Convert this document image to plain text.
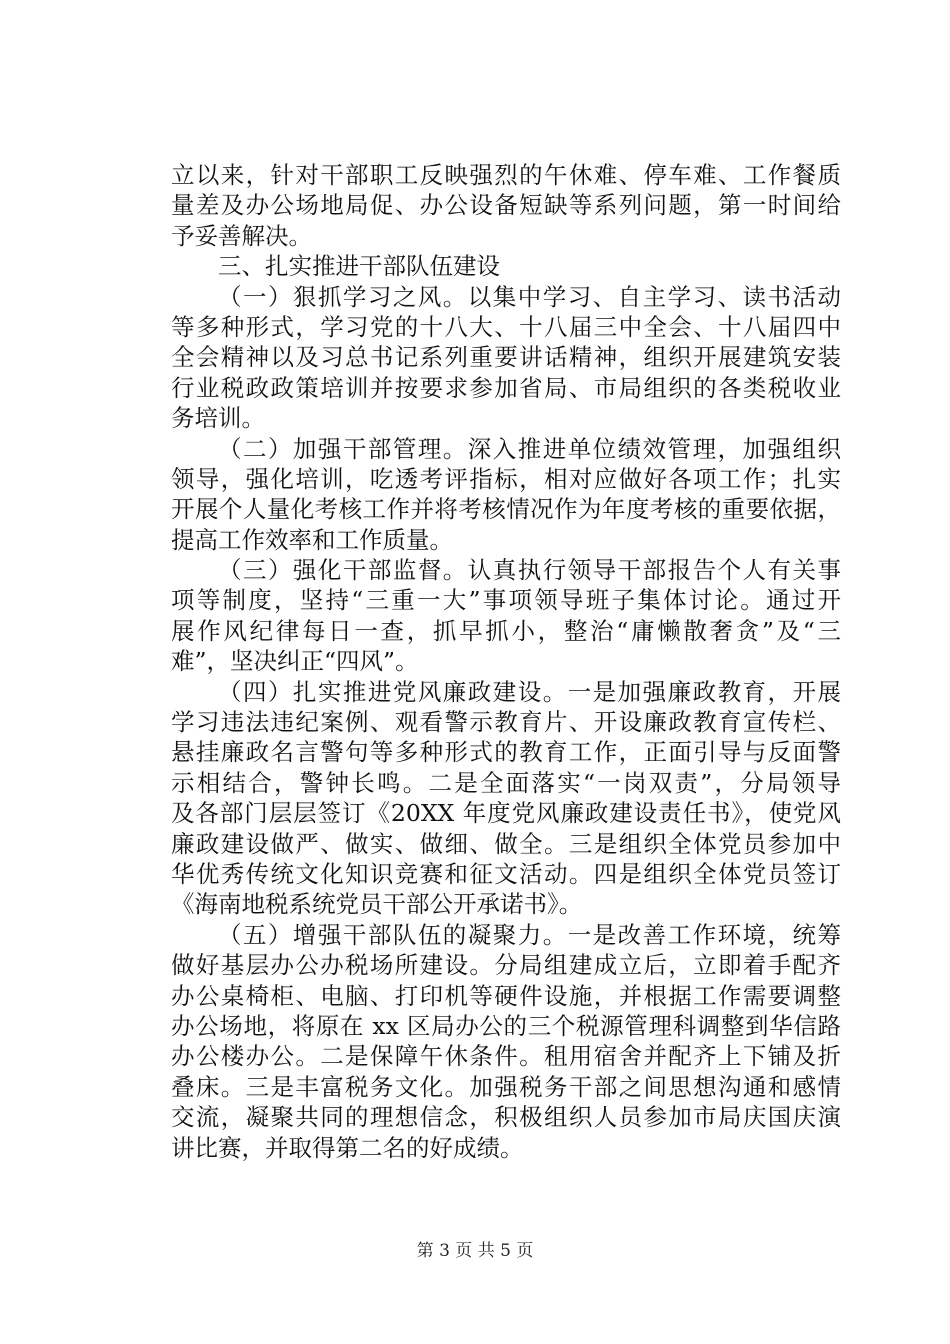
立以来，针对干部职工反映强烈的午休难、停车难、工作餐质
量差及办公场地局促、办公设备短缺等系列问题，第一时间给
予妥善解决。
三、扎实推进干部队伍建设
（一）狠抓学习之风。以集中学习、自主学习、读书活动
等多种形式，学习党的十八大、十八届三中全会、十八届四中
全会精神以及习总书记系列重要讲话精神，组织开展建筑安装
行业税政政策培训并按要求参加省局、市局组织的各类税收业
务培训。
（二）加强干部管理。深入推进单位绩效管理，加强组织
领导，强化培训，吃透考评指标，相对应做好各项工作；扎实
开展个人量化考核工作并将考核情况作为年度考核的重要依据，
提高工作效率和工作质量。
（三）强化干部监督。认真执行领导干部报告个人有关事
项等制度，坚持“三重一大”事项领导班子集体讨论。通过开
展作风纪律每日一查，抓早抓小，整治“庸懒散奢贪”及“三
难”，坚决纠正“四风”。
（四）扎实推进党风廉政建设。一是加强廉政教育，开展
学习违法违纪案例、观看警示教育片、开设廉政教育宣传栏、
悬挂廉政名言警句等多种形式的教育工作，正面引导与反面警
示相结合，警钟长鸣。二是全面落实“一岗双责”，分局领导
及各部门层层签订《20XX 年度党风廉政建设责任书》，使党风
廉政建设做严、做实、做细、做全。三是组织全体党员参加中
华优秀传统文化知识竞赛和征文活动。四是组织全体党员签订
《海南地税系统党员干部公开承诺书》。
（五）增强干部队伍的凝聚力。一是改善工作环境，统筹
做好基层办公办税场所建设。分局组建成立后，立即着手配齐
办公桌椅柜、电脑、打印机等硬件设施，并根据工作需要调整
办公场地，将原在 xx 区局办公的三个税源管理科调整到华信路
办公楼办公。二是保障午休条件。租用宿舍并配齐上下铺及折
叠床。三是丰富税务文化。加强税务干部之间思想沟通和感情
交流，凝聚共同的理想信念，积极组织人员参加市局庆国庆演
讲比赛，并取得第二名的好成绩。
第 3 页 共 5 页
